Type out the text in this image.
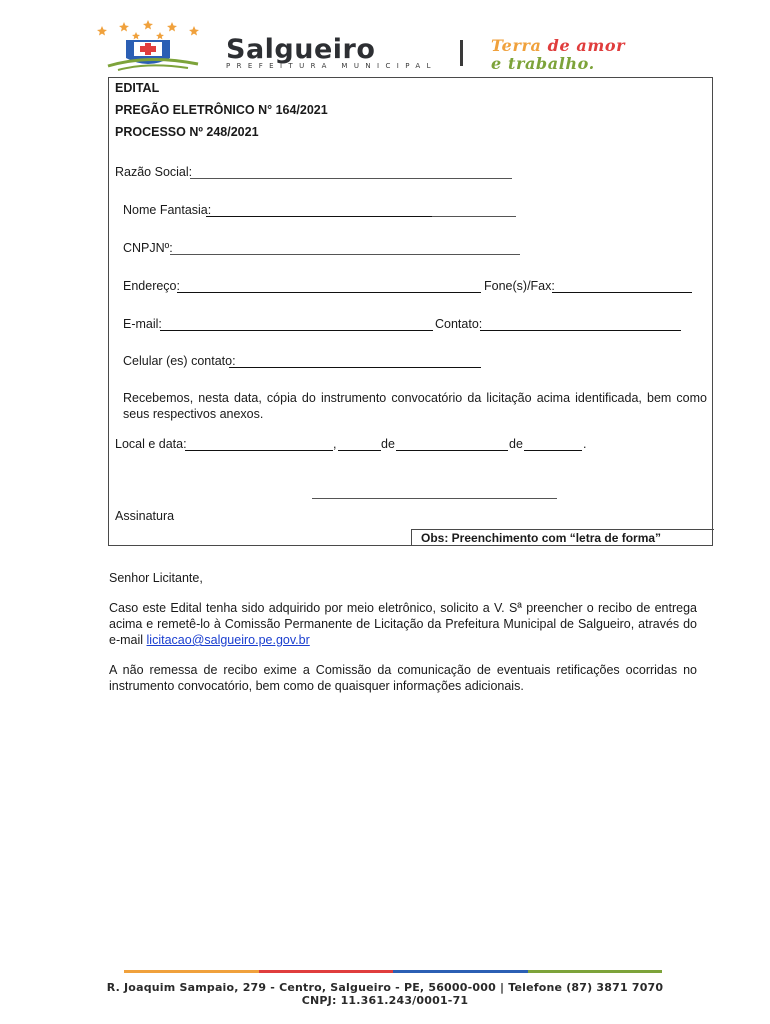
Salgueiro
PREFEITURA MUNICIPAL
Terra de amor
e trabalho.
EDITAL
PREGÃO ELETRÔNICO N° 164/2021
PROCESSO Nº 248/2021
Razão Social:
Nome Fantasia:
CNPJNº:
Endereço:	Fone(s)/Fax:
E-mail:	Contato:
Celular (es) contato:
Recebemos, nesta data, cópia do instrumento convocatório da licitação acima identificada, bem como seus respectivos anexos.
Local e data:	,	de	de	.
Assinatura
Obs: Preenchimento com “letra de forma”
Senhor Licitante,
Caso este Edital tenha sido adquirido por meio eletrônico, solicito a V. Sª preencher o recibo de entrega acima e remetê-lo à Comissão Permanente de Licitação da Prefeitura Municipal de Salgueiro, através do e-mail licitacao@salgueiro.pe.gov.br
A não remessa de recibo exime a Comissão da comunicação de eventuais retificações ocorridas no instrumento convocatório, bem como de quaisquer informações adicionais.
R. Joaquim Sampaio, 279 - Centro, Salgueiro - PE, 56000-000 | Telefone (87) 3871 7070
CNPJ: 11.361.243/0001-71
